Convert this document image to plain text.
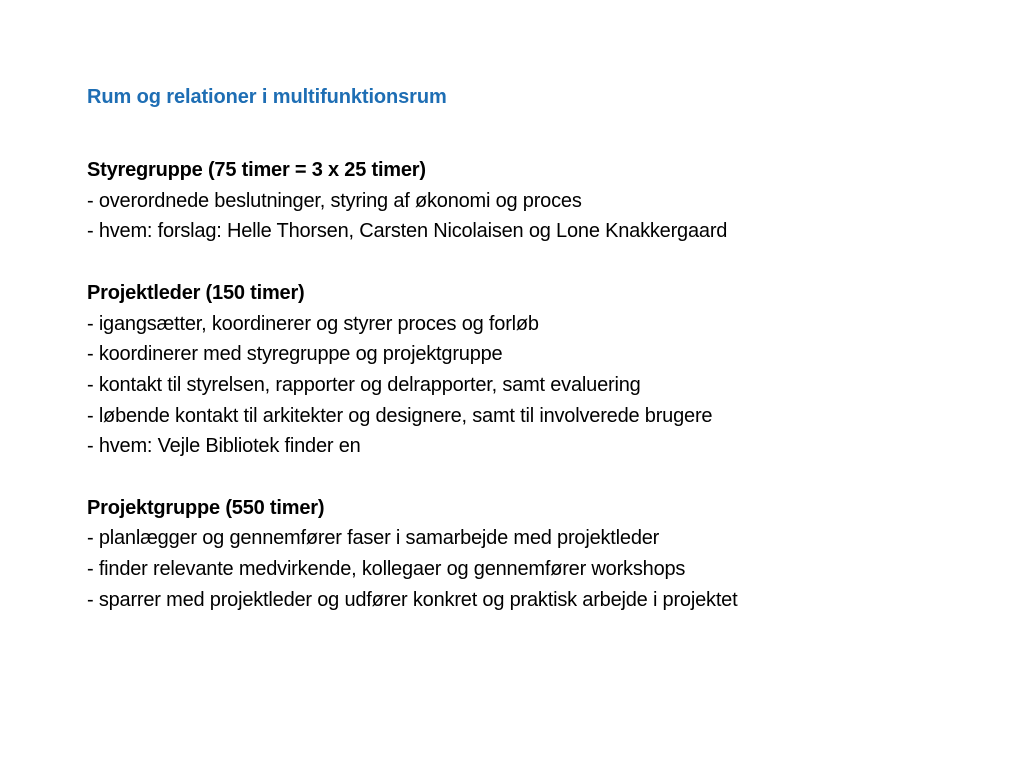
Rum og relationer i multifunktionsrum
Styregruppe (75 timer = 3 x 25 timer)
- overordnede beslutninger, styring af økonomi og proces
- hvem: forslag: Helle Thorsen, Carsten Nicolaisen og Lone Knakkergaard
Projektleder (150 timer)
- igangsætter, koordinerer og styrer proces og forløb
- koordinerer med styregruppe og projektgruppe
- kontakt til styrelsen, rapporter og delrapporter, samt evaluering
- løbende kontakt til arkitekter og designere, samt til involverede brugere
- hvem: Vejle Bibliotek finder en
Projektgruppe (550 timer)
- planlægger og gennemfører faser i samarbejde med projektleder
- finder relevante medvirkende, kollegaer og gennemfører workshops
- sparrer med projektleder og udfører konkret og praktisk arbejde i projektet
